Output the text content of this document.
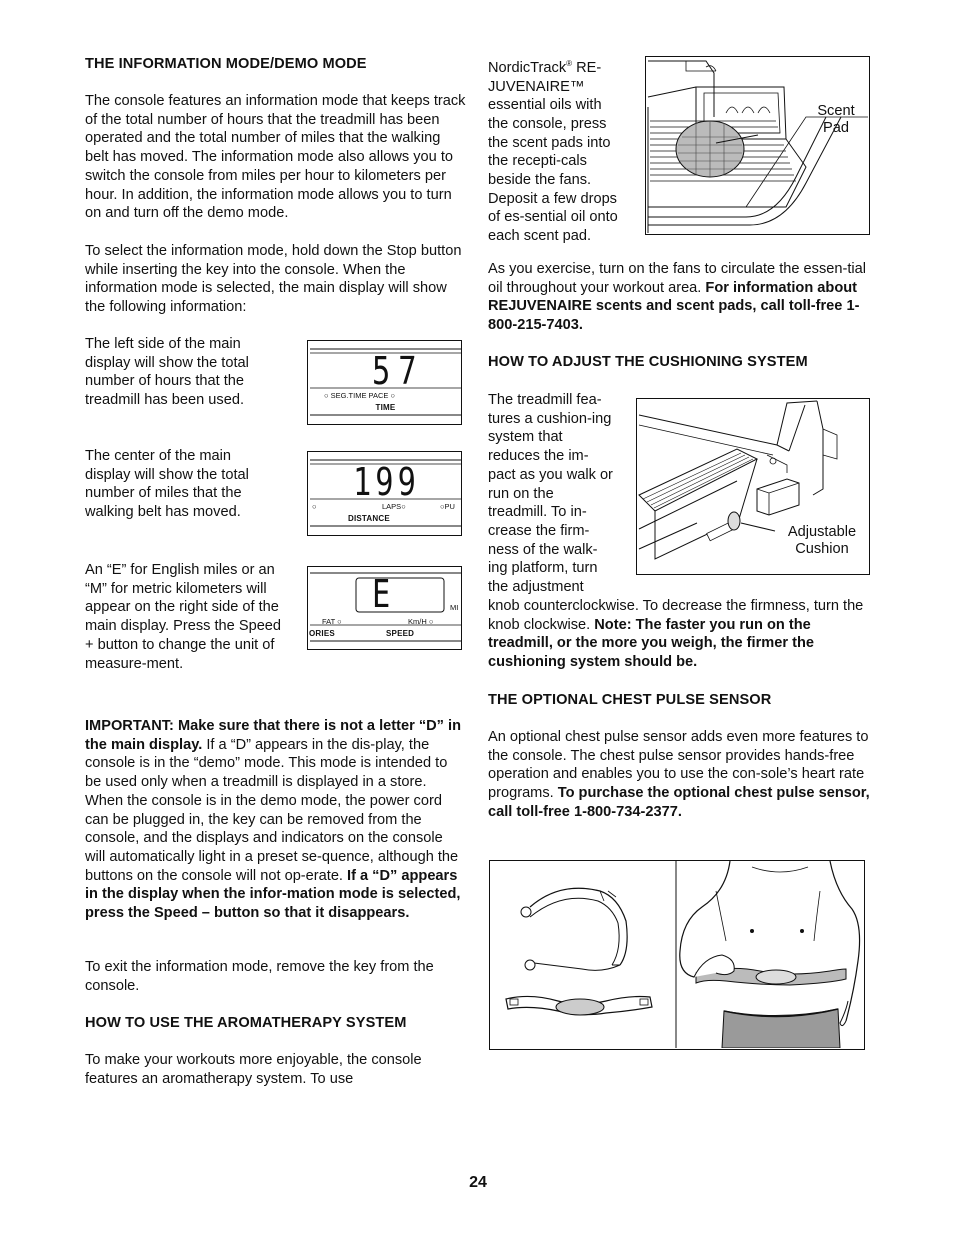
THE INFORMATION MODE/DEMO MODE

The console features an information mode that keeps track of the total number of hours that the treadmill has been operated and the total number of miles that the walking belt has moved. The information mode also allows you to switch the console from miles per hour to kilometers per hour. In addition, the information mode allows you to turn on and turn off the demo mode.

To select the information mode, hold down the Stop button while inserting the key into the console. When the information mode is selected, the main display will show the following information:

The left side of the main display will show the total number of hours that the treadmill has been used.

The center of the main display will show the total number of miles that the walking belt has moved.

An “E” for English miles or an “M” for metric kilometers will appear on the right side of the main display. Press the Speed + button to change the unit of measure-ment.

57
○ SEG.TIME PACE ○
TIME
199
○	LAPS○	○PU
DISTANCE
E	MI
FAT ○	Km/H ○
ORIES	SPEED

IMPORTANT: Make sure that there is not a letter “D” in the main display. If a “D” appears in the dis-play, the console is in the “demo” mode. This mode is intended to be used only when a treadmill is displayed in a store. When the console is in the demo mode, the power cord can be plugged in, the key can be removed from the console, and the displays and indicators on the console will automatically light in a preset se-quence, although the buttons on the console will not op-erate. If a “D” appears in the display when the infor-mation mode is selected, press the Speed – button so that it disappears.

To exit the information mode, remove the key from the console.

HOW TO USE THE AROMATHERAPY SYSTEM

To make your workouts more enjoyable, the console features an aromatherapy system. To use

NordicTrack® RE-JUVENAIRE™ essential oils with the console, press the scent pads into the recepti-cals beside the fans. Deposit a few drops of es-sential oil onto each scent pad.

Scent Pad

As you exercise, turn on the fans to circulate the essen-tial oil throughout your workout area. For information about REJUVENAIRE scents and scent pads, call toll-free 1-800-215-7403.

HOW TO ADJUST THE CUSHIONING SYSTEM

The treadmill fea-tures a cushion-ing system that reduces the im-pact as you walk or run on the treadmill. To in-crease the firm-ness of the walk-ing platform, turn the adjustment

Adjustable Cushion

knob counterclockwise. To decrease the firmness, turn the knob clockwise. Note: The faster you run on the treadmill, or the more you weigh, the firmer the cushioning system should be.

THE OPTIONAL CHEST PULSE SENSOR

An optional chest pulse sensor adds even more features to the console. The chest pulse sensor provides hands-free operation and enables you to use the con-sole’s heart rate programs. To purchase the optional chest pulse sensor, call toll-free 1-800-734-2377.

24
